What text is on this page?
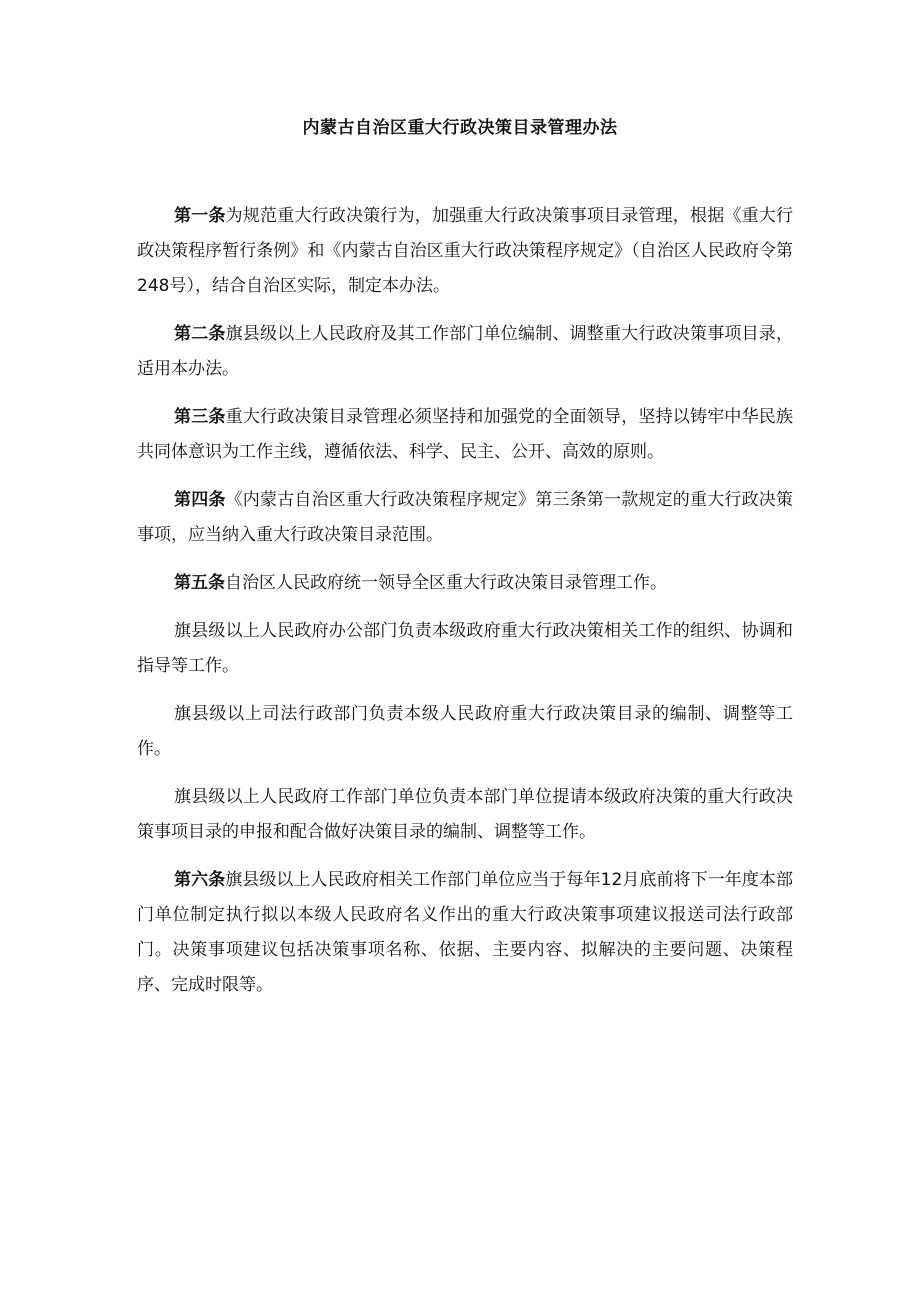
内蒙古自治区重大行政决策目录管理办法

第一条为规范重大行政决策行为，加强重大行政决策事项目录管理，根据《重大行政决策程序暂行条例》和《内蒙古自治区重大行政决策程序规定》（自治区人民政府令第248号），结合自治区实际，制定本办法。

第二条旗县级以上人民政府及其工作部门单位编制、调整重大行政决策事项目录，适用本办法。

第三条重大行政决策目录管理必须坚持和加强党的全面领导，坚持以铸牢中华民族共同体意识为工作主线，遵循依法、科学、民主、公开、高效的原则。

第四条《内蒙古自治区重大行政决策程序规定》第三条第一款规定的重大行政决策事项，应当纳入重大行政决策目录范围。

第五条自治区人民政府统一领导全区重大行政决策目录管理工作。

旗县级以上人民政府办公部门负责本级政府重大行政决策相关工作的组织、协调和指导等工作。

旗县级以上司法行政部门负责本级人民政府重大行政决策目录的编制、调整等工作。

旗县级以上人民政府工作部门单位负责本部门单位提请本级政府决策的重大行政决策事项目录的申报和配合做好决策目录的编制、调整等工作。

第六条旗县级以上人民政府相关工作部门单位应当于每年12月底前将下一年度本部门单位制定执行拟以本级人民政府名义作出的重大行政决策事项建议报送司法行政部门。决策事项建议包括决策事项名称、依据、主要内容、拟解决的主要问题、决策程序、完成时限等。
